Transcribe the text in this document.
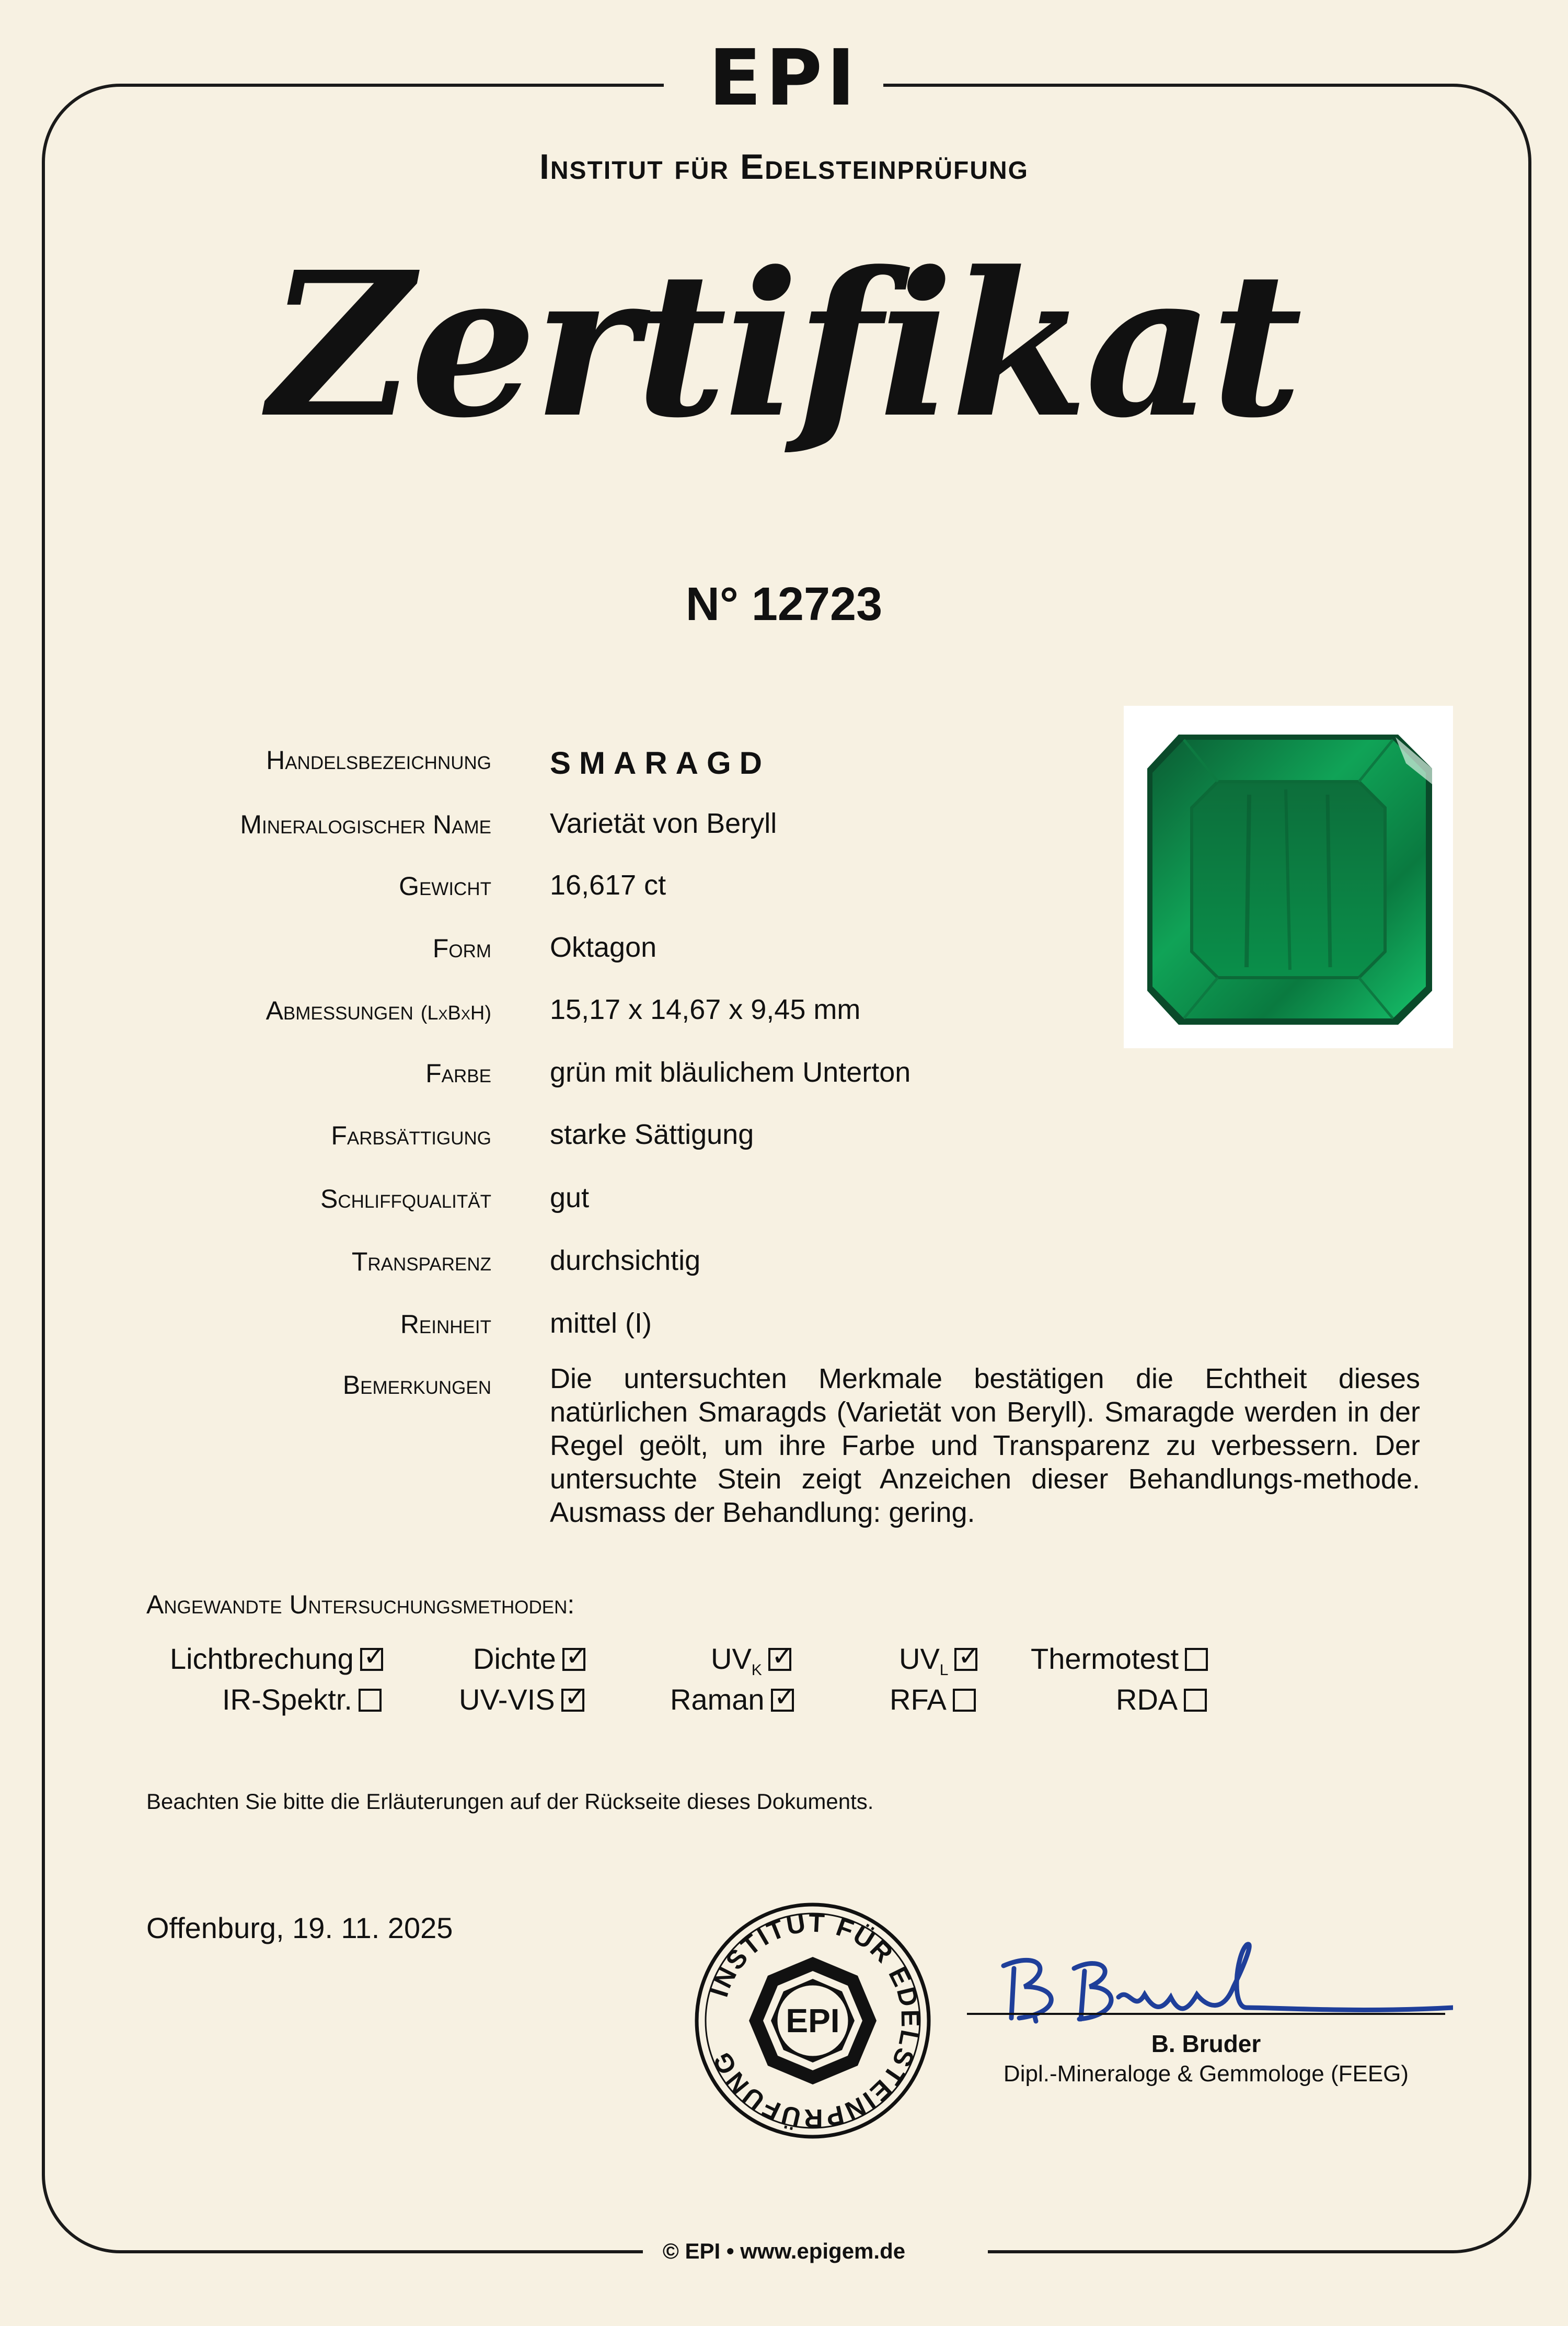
EPI
Institut für Edelsteinprüfung
Zertifikat
N° 12723
Handelsbezeichnung SMARAGD
Mineralogischer Name Varietät von Beryll
Gewicht 16,617 ct
Form Oktagon
Abmessungen (LxBxH) 15,17 x 14,67 x 9,45 mm
Farbe grün mit bläulichem Unterton
Farbsättigung starke Sättigung
Schliffqualität gut
Transparenz durchsichtig
Reinheit mittel (I)
Bemerkungen Die untersuchten Merkmale bestätigen die Echtheit dieses natürlichen Smaragds (Varietät von Beryll). Smaragde werden in der Regel geölt, um ihre Farbe und Transparenz zu verbessern. Der untersuchte Stein zeigt Anzeichen dieser Behandlungs-methode. Ausmass der Behandlung: gering.

Angewandte Untersuchungsmethoden:
Lichtbrechung✓	Dichte✓	$UV_K✓$	$UV_L✓$	Thermotest
IR-Spektr.	UV-VIS✓	Raman✓	RFA	RDA
Beachten Sie bitte die Erläuterungen auf der Rückseite dieses Dokuments.
Offenburg, 19. 11. 2025
INSTITUT FÜR EDELSTEINPRÜFUNG
EPI
B. Bruder
Dipl.-Mineraloge & Gemmologe (FEEG)
© EPI • www.epigem.de
